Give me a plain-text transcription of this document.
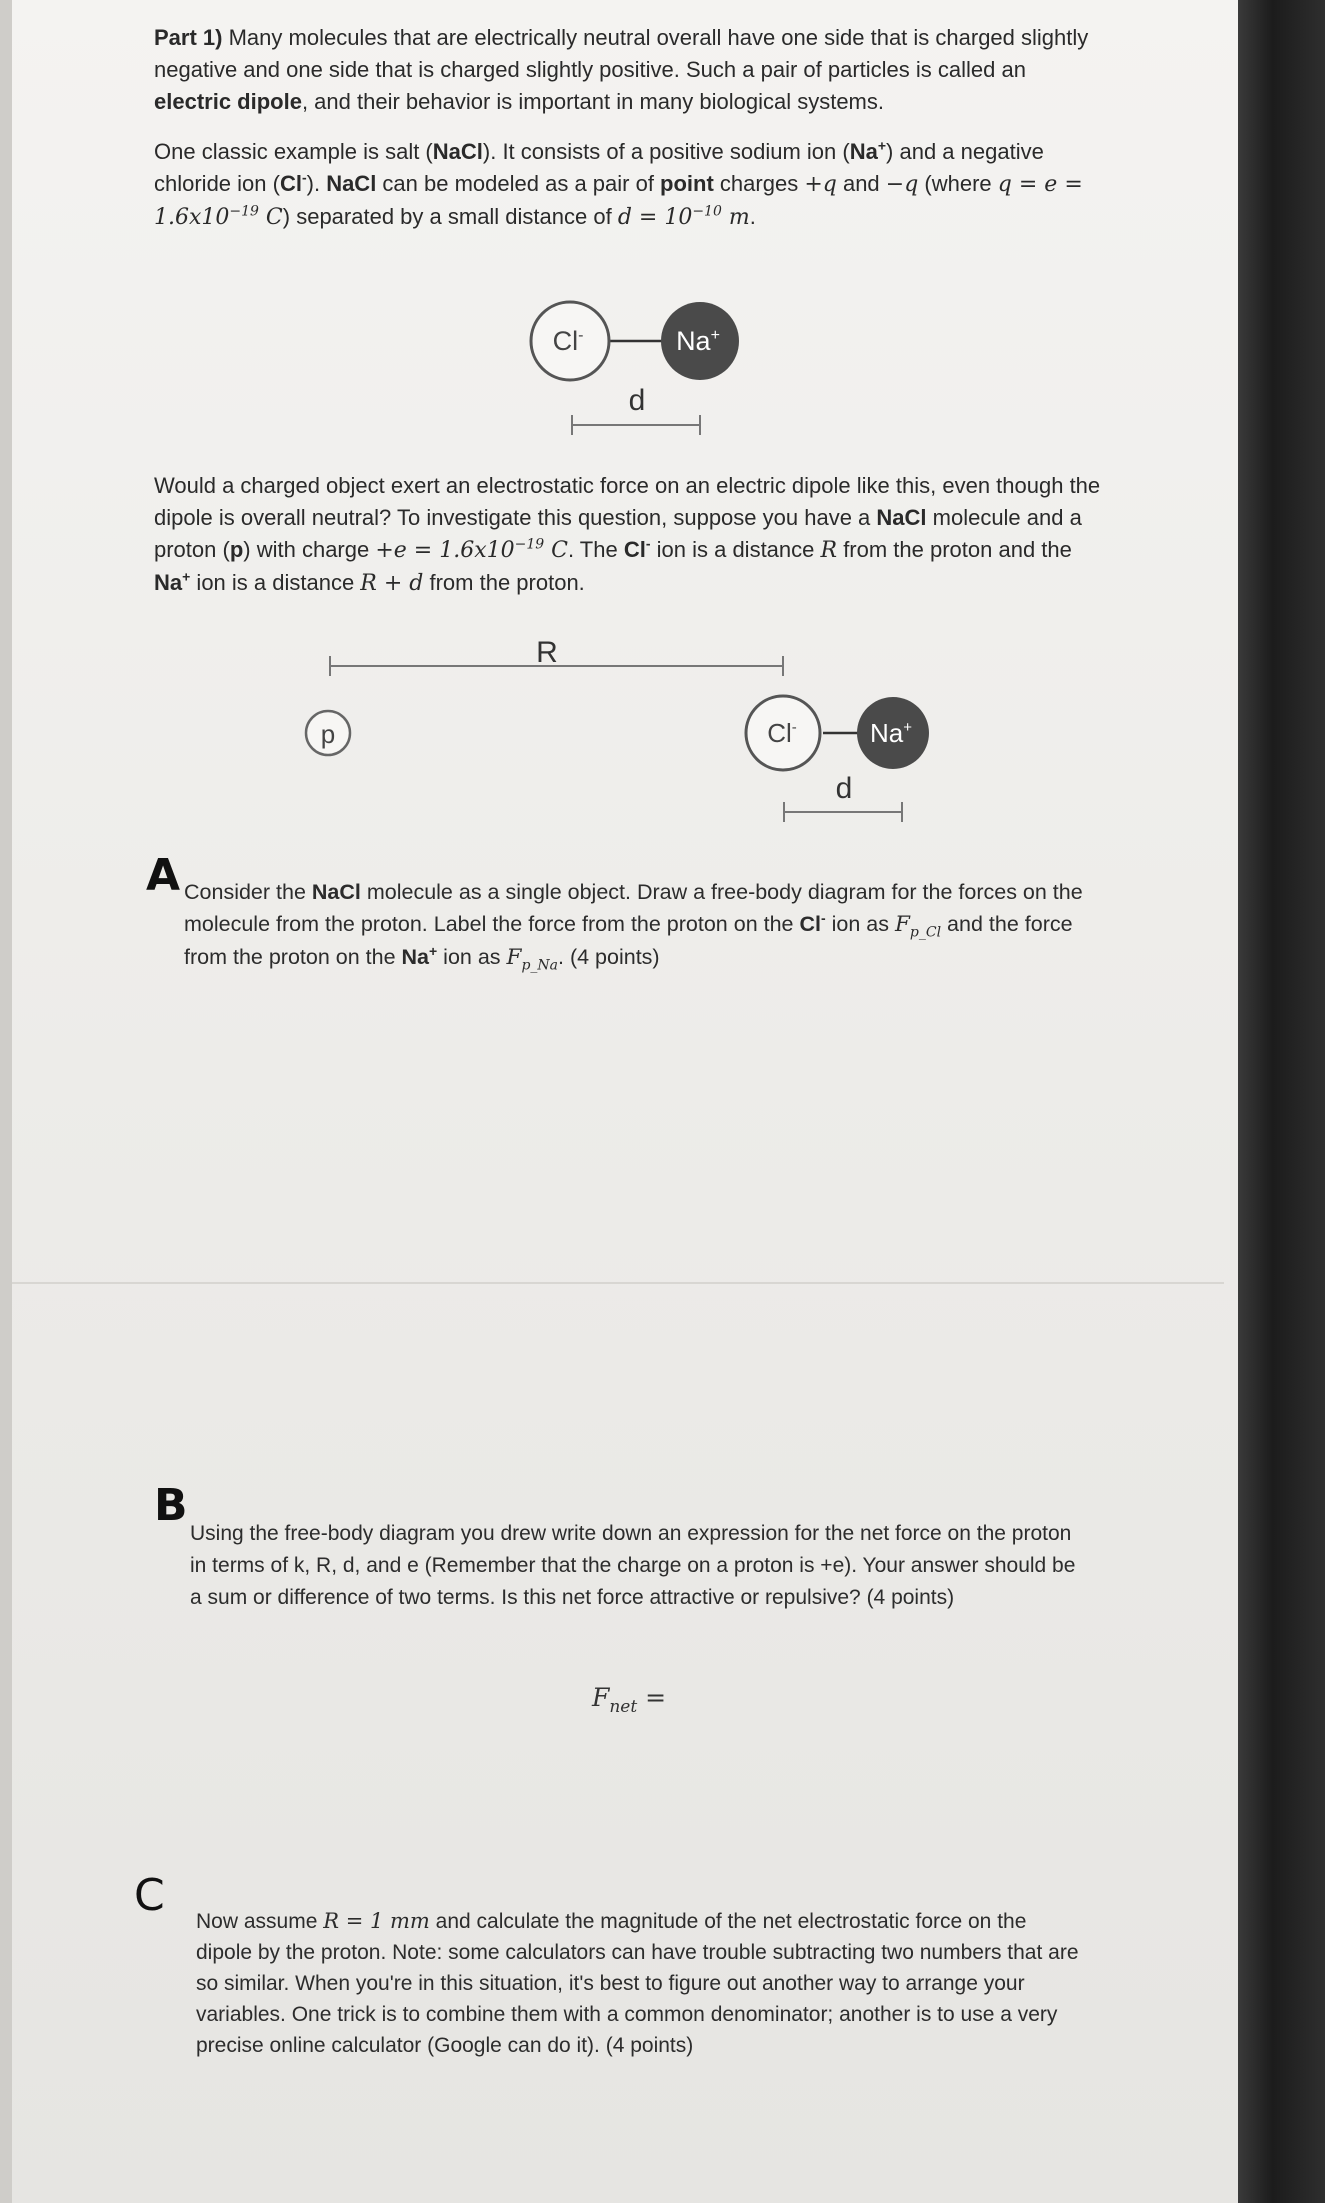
Part 1) Many molecules that are electrically neutral overall have one side that is charged slightly negative and one side that is charged slightly positive. Such a pair of particles is called an electric dipole, and their behavior is important in many biological systems.

One classic example is salt (NaCl). It consists of a positive sodium ion (Na+) and a negative chloride ion (Cl-). NaCl can be modeled as a pair of point charges +q and −q (where $q = e = 1.6x10^{-19}$ C) separated by a small distance of $d = 10^{-10}$ m.

Cl-	Na+
d

Would a charged object exert an electrostatic force on an electric dipole like this, even though the dipole is overall neutral? To investigate this question, suppose you have a NaCl molecule and a proton (p) with charge $+e = 1.6x10^{-19}$ C. The Cl- ion is a distance R from the proton and the Na+ ion is a distance R + d from the proton.

R
p	Cl-	Na+
d
A Consider the NaCl molecule as a single object. Draw a free-body diagram for the forces on the molecule from the proton. Label the force from the proton on the Cl- ion as $F_{p\_Cl}$ and the force from the proton on the Na+ ion as $F_{p\_Na}$. (4 points)
B
Using the free-body diagram you drew write down an expression for the net force on the proton in terms of k, R, d, and e (Remember that the charge on a proton is +e). Your answer should be a sum or difference of two terms. Is this net force attractive or repulsive? (4 points)
$F_{net}$ =
C
Now assume R = 1 mm and calculate the magnitude of the net electrostatic force on the dipole by the proton. Note: some calculators can have trouble subtracting two numbers that are so similar. When you're in this situation, it's best to figure out another way to arrange your variables. One trick is to combine them with a common denominator; another is to use a very precise online calculator (Google can do it). (4 points)
